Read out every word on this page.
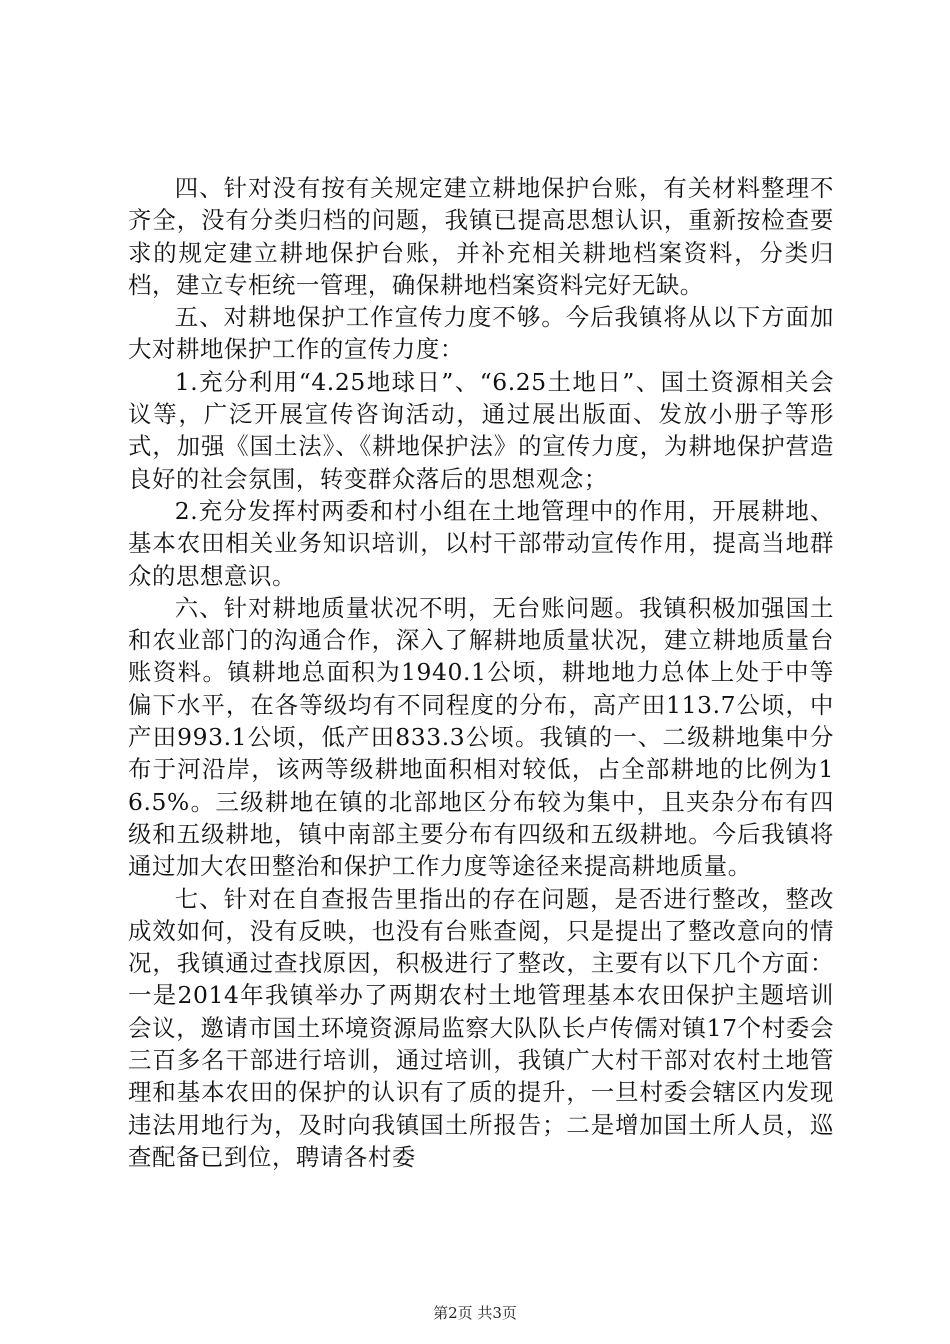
四、针对没有按有关规定建立耕地保护台账，有关材料整理不齐全，没有分类归档的问题，我镇已提高思想认识，重新按检查要求的规定建立耕地保护台账，并补充相关耕地档案资料，分类归档，建立专柜统一管理，确保耕地档案资料完好无缺。

五、对耕地保护工作宣传力度不够。今后我镇将从以下方面加大对耕地保护工作的宣传力度：

1.充分利用“4.25地球日”、“6.25土地日”、国土资源相关会议等，广泛开展宣传咨询活动，通过展出版面、发放小册子等形式，加强《国土法》、《耕地保护法》的宣传力度，为耕地保护营造良好的社会氛围，转变群众落后的思想观念；

2.充分发挥村两委和村小组在土地管理中的作用，开展耕地、基本农田相关业务知识培训，以村干部带动宣传作用，提高当地群众的思想意识。

六、针对耕地质量状况不明，无台账问题。我镇积极加强国土和农业部门的沟通合作，深入了解耕地质量状况，建立耕地质量台账资料。镇耕地总面积为1940.1公顷，耕地地力总体上处于中等偏下水平，在各等级均有不同程度的分布，高产田113.7公顷，中产田993.1公顷，低产田833.3公顷。我镇的一、二级耕地集中分布于河沿岸，该两等级耕地面积相对较低，占全部耕地的比例为16.5%。三级耕地在镇的北部地区分布较为集中，且夹杂分布有四级和五级耕地，镇中南部主要分布有四级和五级耕地。今后我镇将通过加大农田整治和保护工作力度等途径来提高耕地质量。

七、针对在自查报告里指出的存在问题，是否进行整改，整改成效如何，没有反映，也没有台账查阅，只是提出了整改意向的情况，我镇通过查找原因，积极进行了整改，主要有以下几个方面：一是2014年我镇举办了两期农村土地管理基本农田保护主题培训会议，邀请市国土环境资源局监察大队队长卢传儒对镇17个村委会三百多名干部进行培训，通过培训，我镇广大村干部对农村土地管理和基本农田的保护的认识有了质的提升，一旦村委会辖区内发现违法用地行为，及时向我镇国土所报告；二是增加国土所人员，巡查配备已到位，聘请各村委

第2页 共3页
